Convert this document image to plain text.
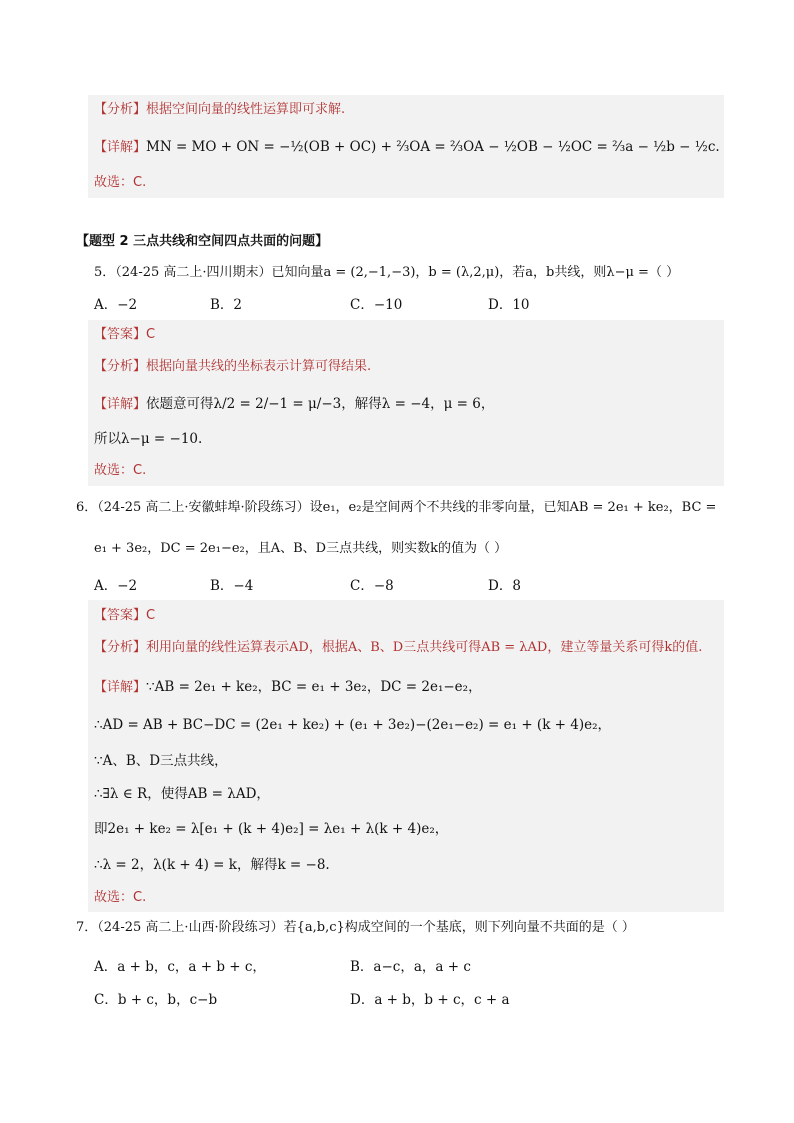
【分析】根据空间向量的线性运算即可求解.
【详解】MN = MO + ON = −½(OB + OC) + ⅔OA = ⅔OA − ½OB − ½OC = ⅔a − ½b − ½c.
故选：C.
【题型 2 三点共线和空间四点共面的问题】
5．（24-25 高二上·四川期末）已知向量a = (2,−1,−3)，b = (λ,2,μ)，若a，b共线，则λ−μ =（ ）
A．−2	B．2	C．−10	D．10
【答案】C
【分析】根据向量共线的坐标表示计算可得结果.
【详解】依题意可得λ/2 = 2/−1 = μ/−3，解得λ = −4，μ = 6，
所以λ−μ = −10.
故选：C.
6．（24-25 高二上·安徽蚌埠·阶段练习）设e₁，e₂是空间两个不共线的非零向量，已知AB = 2e₁ + ke₂，BC =
e₁ + 3e₂，DC = 2e₁−e₂，且A、B、D三点共线，则实数k的值为（ ）
A．−2	B．−4	C．−8	D．8
【答案】C
【分析】利用向量的线性运算表示AD，根据A、B、D三点共线可得AB = λAD，建立等量关系可得k的值.
【详解】∵AB = 2e₁ + ke₂，BC = e₁ + 3e₂，DC = 2e₁−e₂，
∴AD = AB + BC−DC = (2e₁ + ke₂) + (e₁ + 3e₂)−(2e₁−e₂) = e₁ + (k + 4)e₂，
∵A、B、D三点共线，
∴∃λ ∈ R，使得AB = λAD，
即2e₁ + ke₂ = λ[e₁ + (k + 4)e₂] = λe₁ + λ(k + 4)e₂，
∴λ = 2，λ(k + 4) = k，解得k = −8.
故选：C.
7．（24-25 高二上·山西·阶段练习）若{a,b,c}构成空间的一个基底，则下列向量不共面的是（ ）
A．a + b，c，a + b + c，	B．a−c，a，a + c
C．b + c，b，c−b	D．a + b，b + c，c + a
